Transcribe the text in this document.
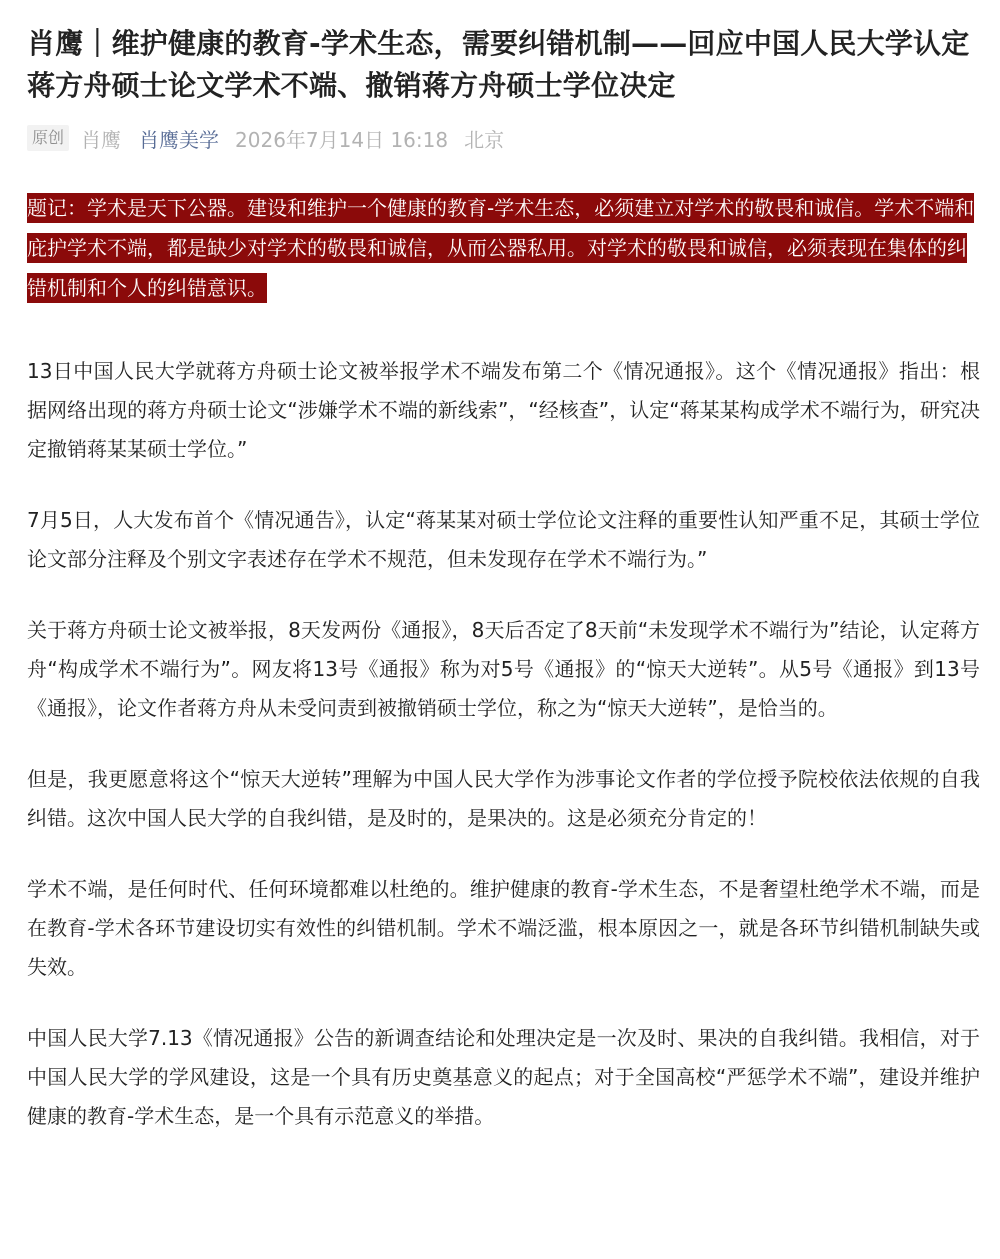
肖鹰｜维护健康的教育-学术生态，需要纠错机制——回应中国人民大学认定蒋方舟硕士论文学术不端、撤销蒋方舟硕士学位决定
原创 肖鹰 肖鹰美学 2026年7月14日 16:18 北京

题记：学术是天下公器。建设和维护一个健康的教育-学术生态，必须建立对学术的敬畏和诚信。学术不端和庇护学术不端，都是缺少对学术的敬畏和诚信，从而公器私用。对学术的敬畏和诚信，必须表现在集体的纠错机制和个人的纠错意识。

13日中国人民大学就蒋方舟硕士论文被举报学术不端发布第二个《情况通报》。这个《情况通报》指出：根据网络出现的蒋方舟硕士论文“涉嫌学术不端的新线索”，“经核查”，认定“蒋某某构成学术不端行为，研究决定撤销蒋某某硕士学位。”

7月5日，人大发布首个《情况通告》，认定“蒋某某对硕士学位论文注释的重要性认知严重不足，其硕士学位论文部分注释及个别文字表述存在学术不规范，但未发现存在学术不端行为。”

关于蒋方舟硕士论文被举报，8天发两份《通报》，8天后否定了8天前“未发现学术不端行为”结论，认定蒋方舟“构成学术不端行为”。网友将13号《通报》称为对5号《通报》的“惊天大逆转”。从5号《通报》到13号《通报》，论文作者蒋方舟从未受问责到被撤销硕士学位，称之为“惊天大逆转”，是恰当的。

但是，我更愿意将这个“惊天大逆转”理解为中国人民大学作为涉事论文作者的学位授予院校依法依规的自我纠错。这次中国人民大学的自我纠错，是及时的，是果决的。这是必须充分肯定的！

学术不端，是任何时代、任何环境都难以杜绝的。维护健康的教育-学术生态，不是奢望杜绝学术不端，而是在教育-学术各环节建设切实有效性的纠错机制。学术不端泛滥，根本原因之一，就是各环节纠错机制缺失或失效。

中国人民大学7.13《情况通报》公告的新调查结论和处理决定是一次及时、果决的自我纠错。我相信，对于中国人民大学的学风建设，这是一个具有历史奠基意义的起点；对于全国高校“严惩学术不端”，建设并维护健康的教育-学术生态，是一个具有示范意义的举措。
